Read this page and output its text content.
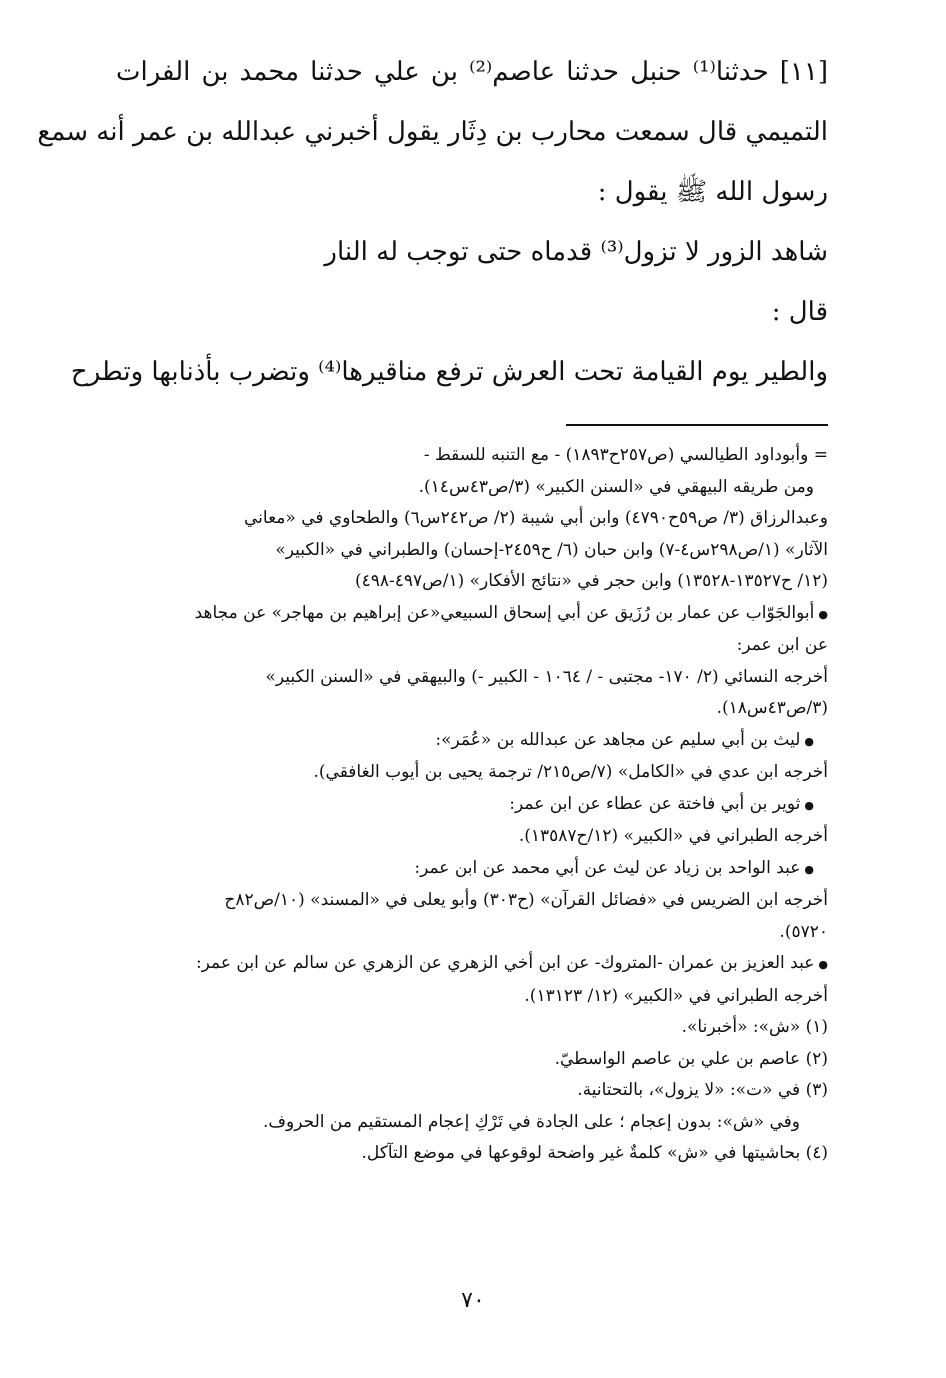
[١١] حدثنا⁽¹⁾ حنبل حدثنا عاصم⁽²⁾ بن علي حدثنا محمد بن الفرات

التميمي قال سمعت محارب بن دِثَار يقول أخبرني عبدالله بن عمر أنه سمع

رسول الله ﷺ يقول :

شاهد الزور لا تزول⁽³⁾ قدماه حتى توجب له النار

قال :

والطير يوم القيامة تحت العرش ترفع مناقيرها⁽⁴⁾ وتضرب بأذنابها وتطرح

= وأبوداود الطيالسي (ص٢٥٧ح١٨٩٣) - مع التنبه للسقط -

ومن طريقه البيهقي في «السنن الكبير» (٣/ص٤٣س١٤).

وعبدالرزاق (٣/ ص٥٩ح٤٧٩٠) وابن أبي شيبة (٢/ ص٢٤٢س٦) والطحاوي في «معاني

الآثار» (١/ص٢٩٨س٤-٧) وابن حبان (٦/ ح٢٤٥٩-إحسان) والطبراني في «الكبير»

(١٢/ ح١٣٥٢٧-١٣٥٢٨) وابن حجر في «نتائج الأفكار» (١/ص٤٩٧-٤٩٨)

● أبوالجَوّاب عن عمار بن رُزَيق عن أبي إسحاق السبيعي«عن إبراهيم بن مهاجر» عن مجاهد

عن ابن عمر:

أخرجه النسائي (٢/ ١٧٠- مجتبى - / ١٠٦٤ - الكبير -) والبيهقي في «السنن الكبير»

(٣/ص٤٣س١٨).

● ليث بن أبي سليم عن مجاهد عن عبدالله بن «عُمَر»:

أخرجه ابن عدي في «الكامل» (٧/ص٢١٥/ ترجمة يحيى بن أيوب الغافقي).

● ثوير بن أبي فاختة عن عطاء عن ابن عمر:

أخرجه الطبراني في «الكبير» (١٢/ح١٣٥٨٧).

● عبد الواحد بن زياد عن ليث عن أبي محمد عن ابن عمر:

أخرجه ابن الضريس في «فضائل القرآن» (ح٣٠٣) وأبو يعلى في «المسند» (١٠/ص٨٢ح

٥٧٢٠).

● عبد العزيز بن عمران -المتروك- عن ابن أخي الزهري عن الزهري عن سالم عن ابن عمر:

أخرجه الطبراني في «الكبير» (١٢/ ١٣١٢٣).

(١) «ش»: «أخبرنا».

(٢) عاصم بن علي بن عاصم الواسطيّ.

(٣) في «ت»: «لا يزول»، بالتحتانية.

وفي «ش»: بدون إعجام ؛ على الجادة في تَرْكِ إعجام المستقيم من الحروف.

(٤) بحاشيتها في «ش» كلمةٌ غير واضحة لوقوعها في موضع التآكل.

٧٠
